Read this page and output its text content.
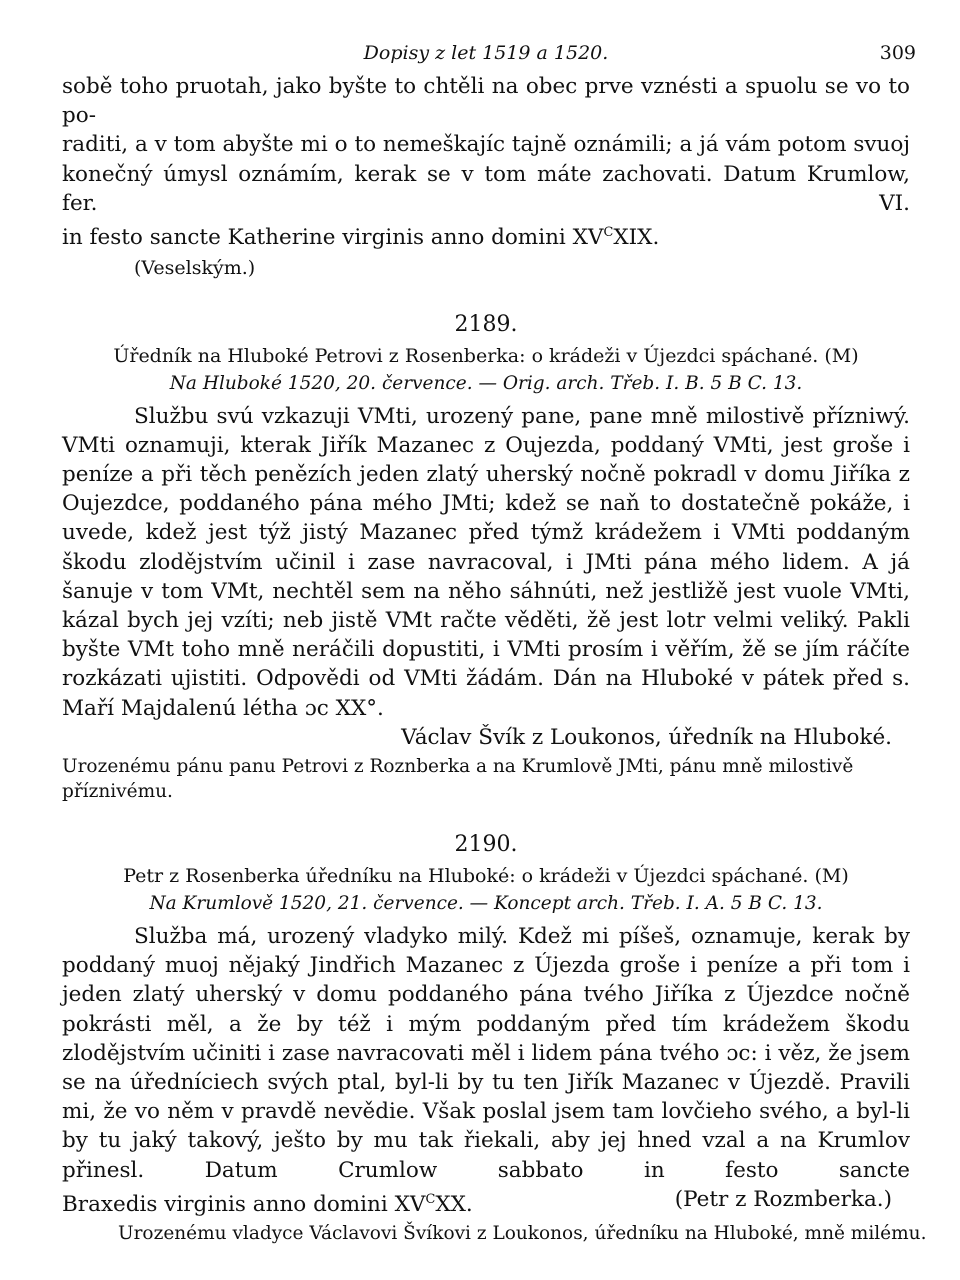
Dopisy z let 1519 a 1520.	309

sobě toho pruotah, jako byšte to chtěli na obec prve vznésti a spuolu se vo to po-

raditi, a v tom abyšte mi o to nemeškajíc tajně oznámili; a já vám potom svuoj

konečný úmysl oznámím, kerak se v tom máte zachovati. Datum Krumlow, fer. VI.

in festo sancte Katherine virginis anno domini $XV^CXIX$.

(Veselským.)

2189.
Úředník na Hluboké Petrovi z Rosenberka: o krádeži v Újezdci spáchané. (M)
Na Hluboké 1520, 20. července. — Orig. arch. Třeb. I. B. 5 B C. 13.

Službu svú vzkazuji VMti, urozený pane, pane mně milostivě přízniwý. VMti oznamuji, kterak Jiřík Mazanec z Oujezda, poddaný VMti, jest groše i peníze a při těch penězích jeden zlatý uherský nočně pokradl v domu Jiříka z Oujezdce, poddaného pána mého JMti; kdež se naň to dostatečně pokáže, i uvede, kdež jest týž jistý Mazanec před týmž krádežem i VMti poddaným škodu zlodějstvím učinil i zase navracoval, i JMti pána mého lidem. A já šanuje v tom VMt, nechtěl sem na něho sáhnúti, než jestližě jest vuole VMti, kázal bych jej vzíti; neb jistě VMt račte věděti, žě jest lotr velmi veliký. Pakli byšte VMt toho mně neráčili dopustiti, i VMti prosím i věřím, žě se jím ráčíte rozkázati ujistiti. Odpovědi od VMti žádám. Dán na Hluboké v pátek před s. Maří Majdalenú létha ɔc XX°.

Václav Švík z Loukonos, úředník na Hluboké.

Urozenému pánu panu Petrovi z Roznberka a na Krumlově JMti, pánu mně milostivě příznivému.

2190.
Petr z Rosenberka úředníku na Hluboké: o krádeži v Újezdci spáchané. (M)
Na Krumlově 1520, 21. července. — Koncept arch. Třeb. I. A. 5 B C. 13.

Služba má, urozený vladyko milý. Kdež mi píšeš, oznamuje, kerak by poddaný muoj nějaký Jindřich Mazanec z Újezda groše i peníze a při tom i jeden zlatý uherský v domu poddaného pána tvého Jiříka z Újezdce nočně pokrásti měl, a že by též i mým poddaným před tím krádežem škodu zlodějstvím učiniti i zase navracovati měl i lidem pána tvého ɔc: i věz, že jsem se na úředníciech svých ptal, byl-li by tu ten Jiřík Mazanec v Újezdě. Pravili mi, že vo něm v pravdě nevědie. Však poslal jsem tam lovčieho svého, a byl-li by tu jaký takový, ješto by mu tak řiekali, aby jej hned vzal a na Krumlov přinesl. Datum Crumlow sabbato in festo sancte

Braxedis virginis anno domini $XV^CXX$.	(Petr z Rozmberka.)

Urozenému vladyce Václavovi Švíkovi z Loukonos, úředníku na Hluboké, mně milému.
